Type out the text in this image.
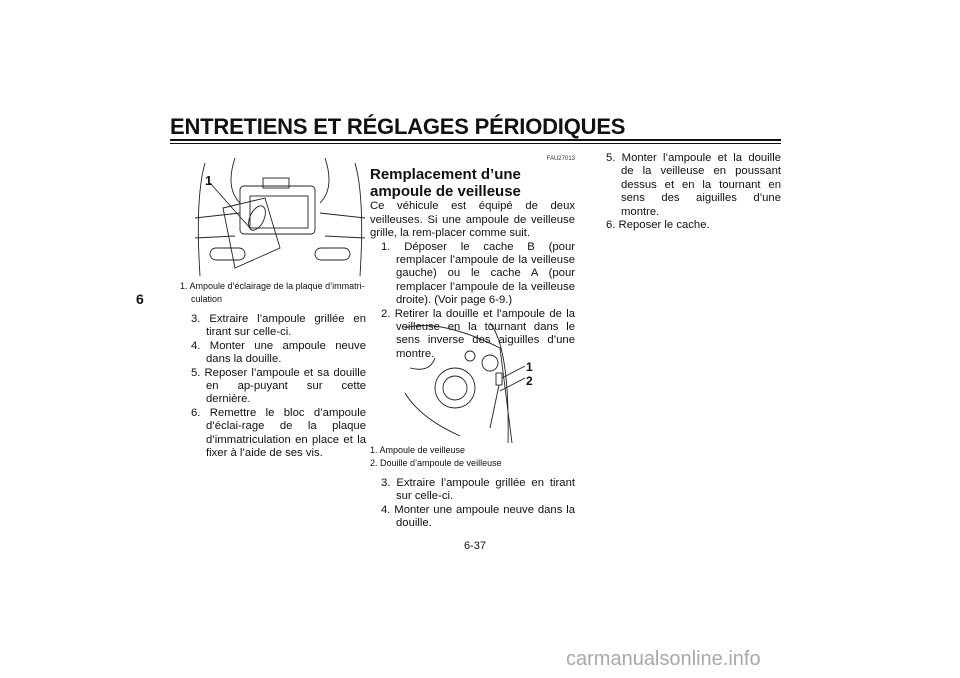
ENTRETIENS ET RÉGLAGES PÉRIODIQUES
6
1
1. Ampoule d’éclairage de la plaque d’immatri-culation
3. Extraire l’ampoule grillée en tirant sur celle-ci.
4. Monter une ampoule neuve dans la douille.
5. Reposer l’ampoule et sa douille en ap-puyant sur cette dernière.
6. Remettre le bloc d’ampoule d’éclai-rage de la plaque d’immatriculation en place et la fixer à l’aide de ses vis.
FAU27013
Remplacement d’une ampoule de veilleuse

Ce véhicule est équipé de deux veilleuses. Si une ampoule de veilleuse grille, la rem-placer comme suit.

1. Déposer le cache B (pour remplacer l’ampoule de la veilleuse gauche) ou le cache A (pour remplacer l’ampoule de la veilleuse droite). (Voir page 6-9.)
2. Retirer la douille et l’ampoule de la veilleuse en la tournant dans le sens inverse des aiguilles d’une montre.
1
2
1. Ampoule de veilleuse
2. Douille d’ampoule de veilleuse
3. Extraire l’ampoule grillée en tirant sur celle-ci.
4. Monter une ampoule neuve dans la douille.
5. Monter l’ampoule et la douille de la veilleuse en poussant dessus et en la tournant en sens des aiguilles d’une montre.
6. Reposer le cache.
6-37
carmanualsonline.info
